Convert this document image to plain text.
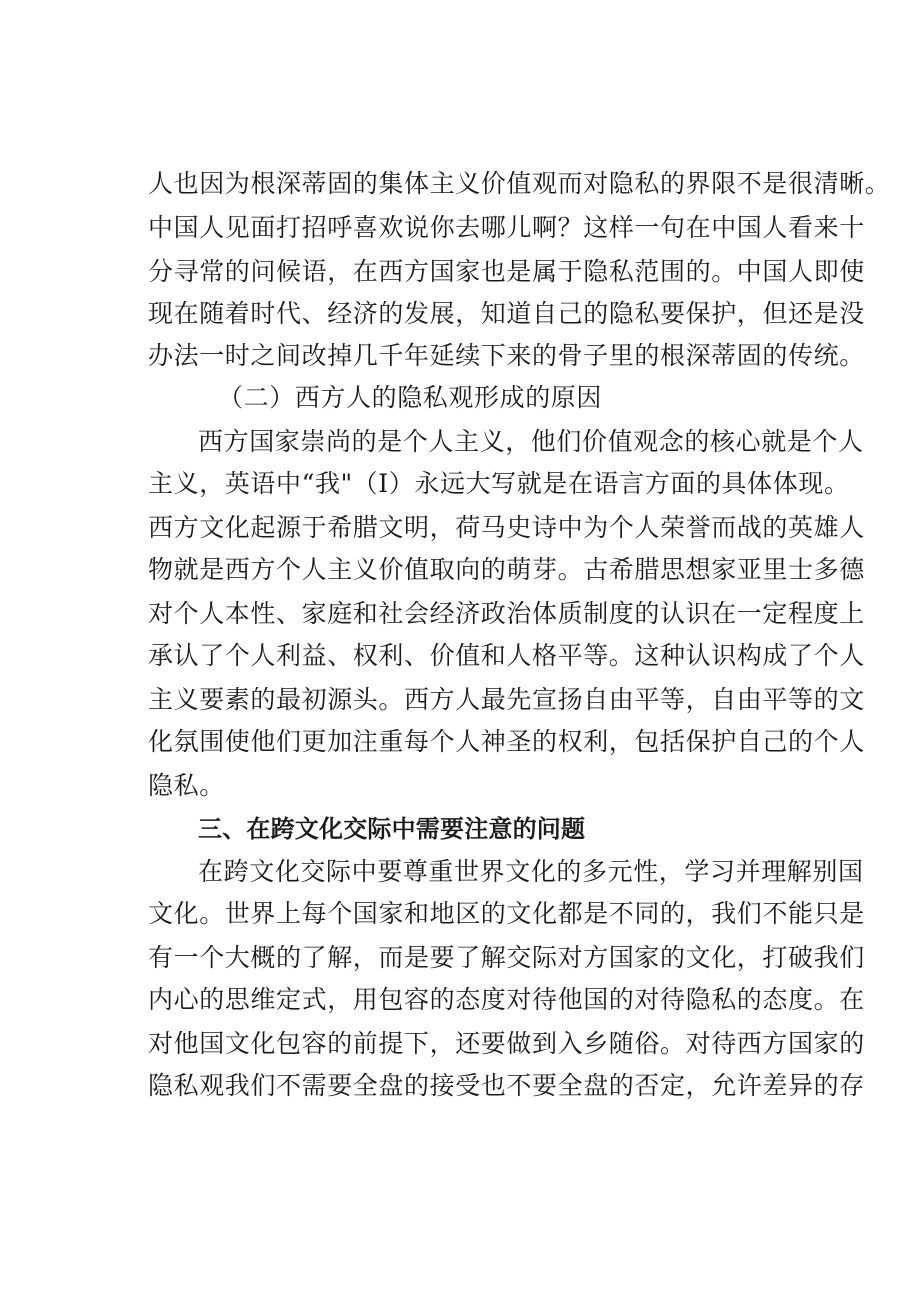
人也因为根深蒂固的集体主义价值观而对隐私的界限不是很清晰。
中国人见面打招呼喜欢说你去哪儿啊？这样一句在中国人看来十
分寻常的问候语，在西方国家也是属于隐私范围的。中国人即使
现在随着时代、经济的发展，知道自己的隐私要保护，但还是没
办法一时之间改掉几千年延续下来的骨子里的根深蒂固的传统。
（二）西方人的隐私观形成的原因
西方国家崇尚的是个人主义，他们价值观念的核心就是个人
主义，英语中“我"（I）永远大写就是在语言方面的具体体现。
西方文化起源于希腊文明，荷马史诗中为个人荣誉而战的英雄人
物就是西方个人主义价值取向的萌芽。古希腊思想家亚里士多德
对个人本性、家庭和社会经济政治体质制度的认识在一定程度上
承认了个人利益、权利、价值和人格平等。这种认识构成了个人
主义要素的最初源头。西方人最先宣扬自由平等，自由平等的文
化氛围使他们更加注重每个人神圣的权利，包括保护自己的个人
隐私。
三、在跨文化交际中需要注意的问题
在跨文化交际中要尊重世界文化的多元性，学习并理解别国
文化。世界上每个国家和地区的文化都是不同的，我们不能只是
有一个大概的了解，而是要了解交际对方国家的文化，打破我们
内心的思维定式，用包容的态度对待他国的对待隐私的态度。在
对他国文化包容的前提下，还要做到入乡随俗。对待西方国家的
隐私观我们不需要全盘的接受也不要全盘的否定，允许差异的存
